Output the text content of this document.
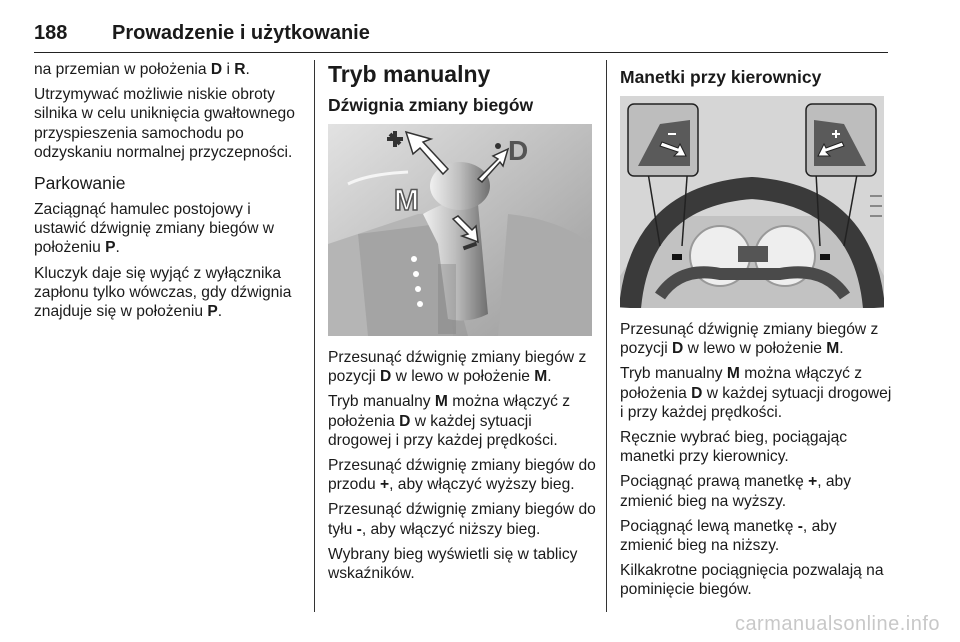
188 Prowadzenie i użytkowanie

na przemian w położenia D i R.

Utrzymywać możliwie niskie obroty silnika w celu uniknięcia gwałtownego przyspieszenia samochodu po odzyskaniu normalnej przyczepności.

Parkowanie

Zaciągnąć hamulec postojowy i ustawić dźwignię zmiany biegów w położeniu P.

Kluczyk daje się wyjąć z wyłącznika zapłonu tylko wówczas, gdy dźwignia znajduje się w położeniu P.

Tryb manualny
Dźwignia zmiany biegów
D
M

Przesunąć dźwignię zmiany biegów z pozycji D w lewo w położenie M.

Tryb manualny M można włączyć z położenia D w każdej sytuacji drogowej i przy każdej prędkości.

Przesunąć dźwignię zmiany biegów do przodu +, aby włączyć wyższy bieg.

Przesunąć dźwignię zmiany biegów do tyłu -, aby włączyć niższy bieg.

Wybrany bieg wyświetli się w tablicy wskaźników.

Manetki przy kierownicy

Przesunąć dźwignię zmiany biegów z pozycji D w lewo w położenie M.

Tryb manualny M można włączyć z położenia D w każdej sytuacji drogowej i przy każdej prędkości.

Ręcznie wybrać bieg, pociągając manetki przy kierownicy.

Pociągnąć prawą manetkę +, aby zmienić bieg na wyższy.

Pociągnąć lewą manetkę -, aby zmienić bieg na niższy.

Kilkakrotne pociągnięcia pozwalają na pominięcie biegów.

carmanualsonline.info
